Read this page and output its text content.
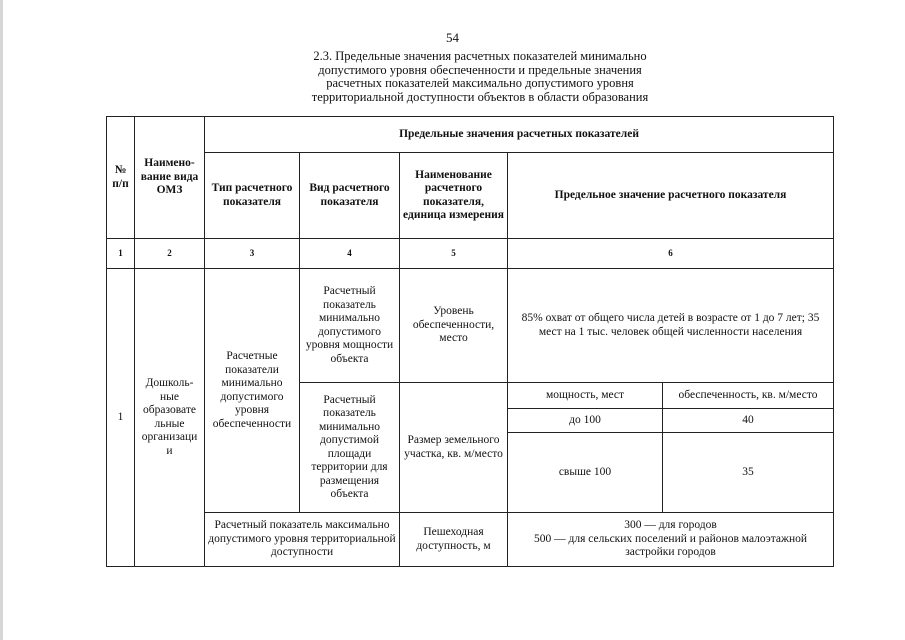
54
2.3. Предельные значения расчетных показателей минимально
допустимого уровня обеспеченности и предельные значения
расчетных показателей максимально допустимого уровня
территориальной доступности объектов в области образования
№ п/п	Наимено-вание вида ОМЗ	Предельные значения расчетных показателей				
		Тип расчетного показателя	Вид расчетного показателя	Наименование расчетного показателя, единица измерения	Предельное значение расчетного показателя	
1	2	3	4	5	6	
1	Дошколь-ные образовате льные организаци и	Расчетные показатели минимально допустимого уровня обеспеченности	Расчетный показатель минимально допустимого уровня мощности объекта	Уровень обеспеченности, место	85% охват от общего числа детей в возрасте от 1 до 7 лет; 35 мест на 1 тыс. человек общей численности населения	
			Расчетный показатель минимально допустимой площади территории для размещения объекта	Размер земельного участка, кв. м/место	мощность, мест	обеспеченность, кв. м/место
					до 100	40
					свыше 100	35
		Расчетный показатель максимально допустимого уровня территориальной доступности		Пешеходная доступность, м	300 — для городов
500 — для сельских поселений и районов малоэтажной застройки городов	
